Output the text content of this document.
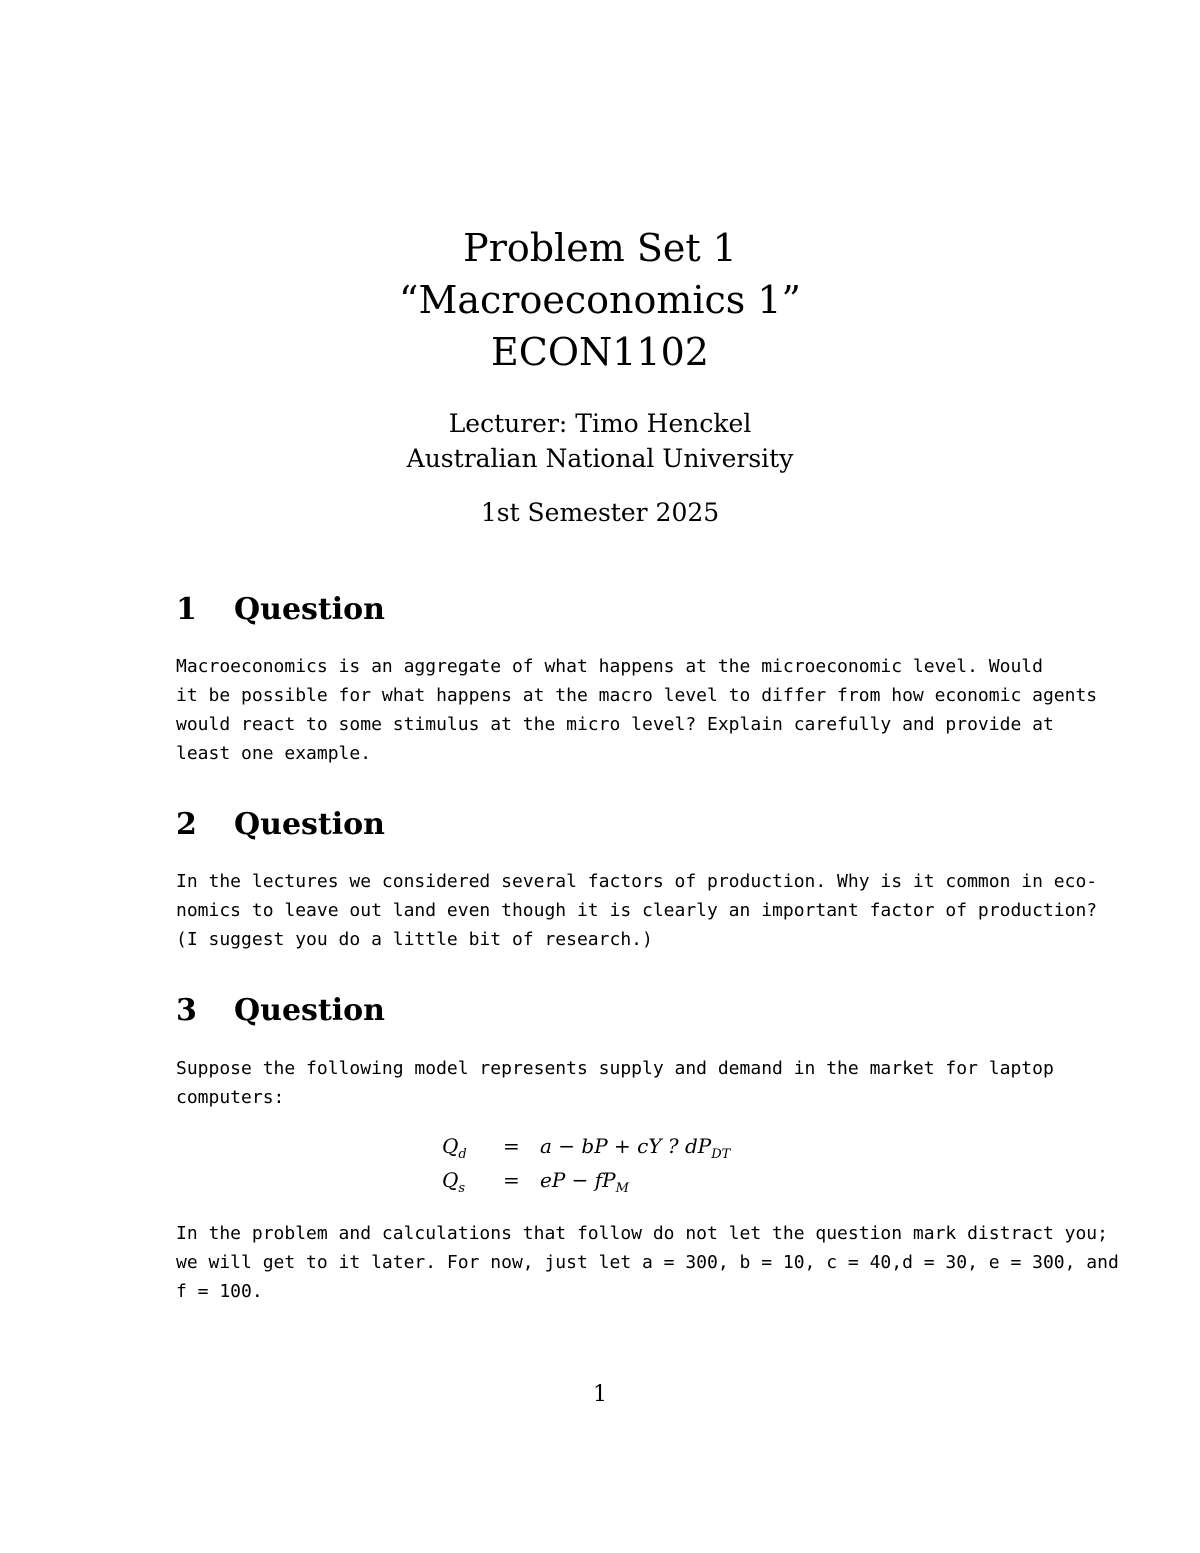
Problem Set 1
“Macroeconomics 1”
ECON1102
Lecturer: Timo Henckel
Australian National University
1st Semester 2025
1 Question
Macroeconomics is an aggregate of what happens at the microeconomic level. Would
it be possible for what happens at the macro level to differ from how economic agents
would react to some stimulus at the micro level? Explain carefully and provide at
least one example.
2 Question
In the lectures we considered several factors of production. Why is it common in eco-
nomics to leave out land even though it is clearly an important factor of production?
(I suggest you do a little bit of research.)
3 Question
Suppose the following model represents supply and demand in the market for laptop
computers:
$Q_d = a$ − bP + cY ? $dP_{DT}$
$Q_s$ = eP − $fP_M$
In the problem and calculations that follow do not let the question mark distract you;
we will get to it later. For now, just let a = 300, b = 10, c = 40,d = 30, e = 300, and
f = 100.
1
